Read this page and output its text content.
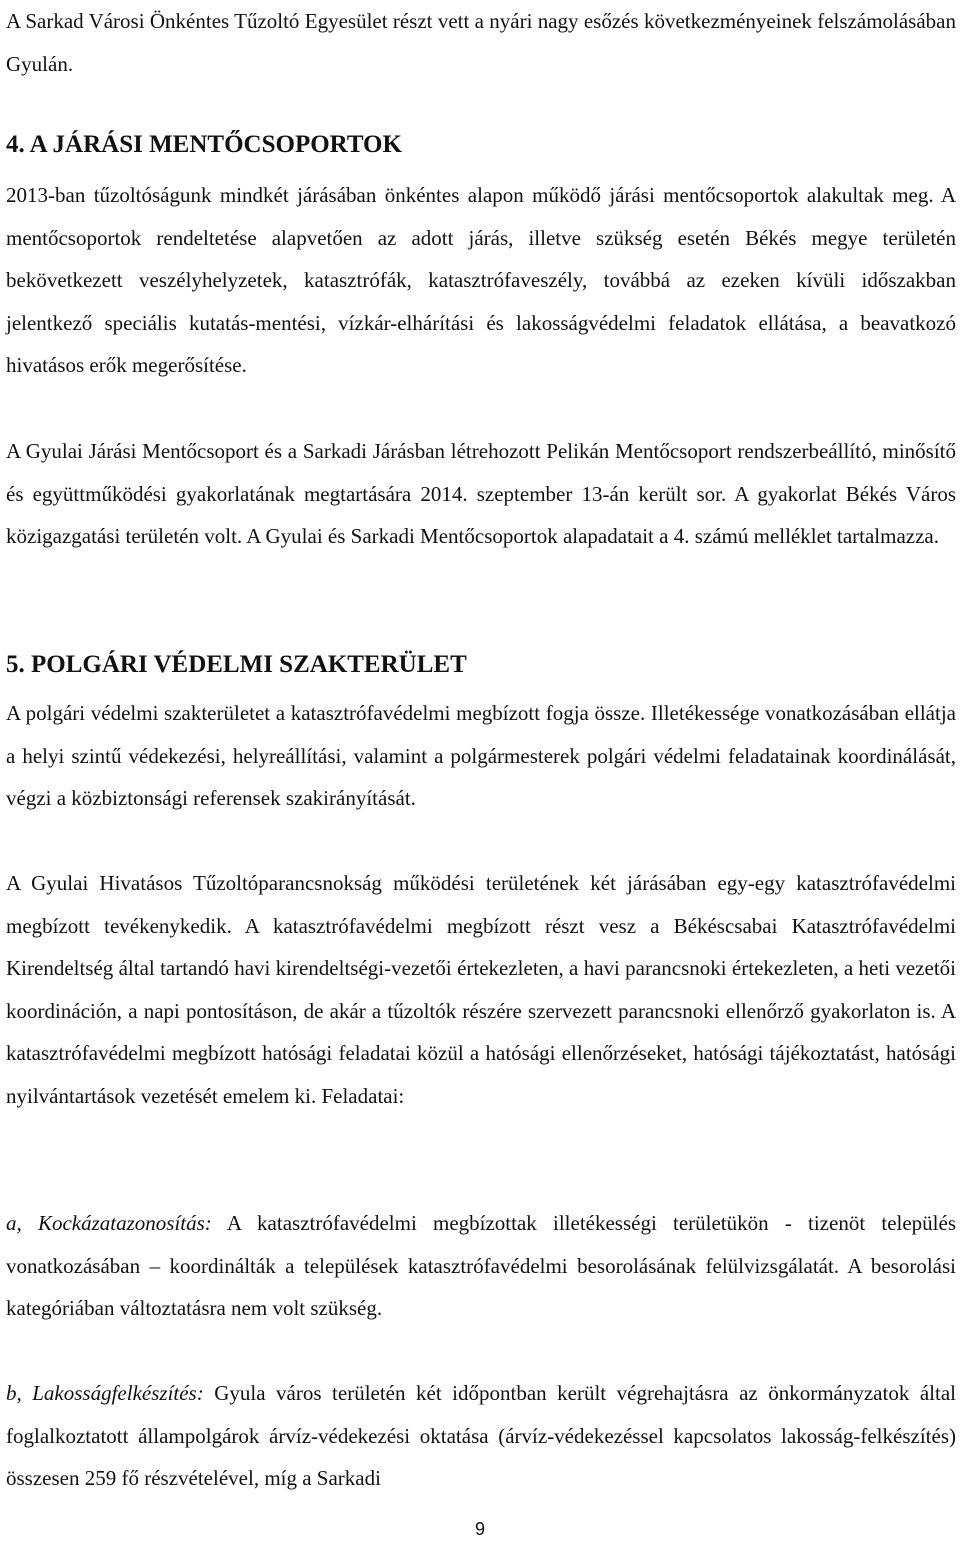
A Sarkad Városi Önkéntes Tűzoltó Egyesület részt vett a nyári nagy esőzés következményeinek felszámolásában Gyulán.

4. A JÁRÁSI MENTŐCSOPORTOK

2013-ban tűzoltóságunk mindkét járásában önkéntes alapon működő járási mentőcsoportok alakultak meg. A mentőcsoportok rendeltetése alapvetően az adott járás, illetve szükség esetén Békés megye területén bekövetkezett veszélyhelyzetek, katasztrófák, katasztrófaveszély, továbbá az ezeken kívüli időszakban jelentkező speciális kutatás-mentési, vízkár-elhárítási és lakosságvédelmi feladatok ellátása, a beavatkozó hivatásos erők megerősítése.

A Gyulai Járási Mentőcsoport és a Sarkadi Járásban létrehozott Pelikán Mentőcsoport rendszerbeállító, minősítő és együttműködési gyakorlatának megtartására 2014. szeptember 13-án került sor. A gyakorlat Békés Város közigazgatási területén volt. A Gyulai és Sarkadi Mentőcsoportok alapadatait a 4. számú melléklet tartalmazza.

5. POLGÁRI VÉDELMI SZAKTERÜLET

A polgári védelmi szakterületet a katasztrófavédelmi megbízott fogja össze. Illetékessége vonatkozásában ellátja a helyi szintű védekezési, helyreállítási, valamint a polgármesterek polgári védelmi feladatainak koordinálását, végzi a közbiztonsági referensek szakirányítását.

A Gyulai Hivatásos Tűzoltóparancsnokság működési területének két járásában egy-egy katasztrófavédelmi megbízott tevékenykedik. A katasztrófavédelmi megbízott részt vesz a Békéscsabai Katasztrófavédelmi Kirendeltség által tartandó havi kirendeltségi-vezetői értekezleten, a havi parancsnoki értekezleten, a heti vezetői koordináción, a napi pontosításon, de akár a tűzoltók részére szervezett parancsnoki ellenőrző gyakorlaton is. A katasztrófavédelmi megbízott hatósági feladatai közül a hatósági ellenőrzéseket, hatósági tájékoztatást, hatósági nyilvántartások vezetését emelem ki. Feladatai:

a, Kockázatazonosítás: A katasztrófavédelmi megbízottak illetékességi területükön - tizenöt település vonatkozásában – koordinálták a települések katasztrófavédelmi besorolásának felülvizsgálatát. A besorolási kategóriában változtatásra nem volt szükség.

b, Lakosságfelkészítés: Gyula város területén két időpontban került végrehajtásra az önkormányzatok által foglalkoztatott állampolgárok árvíz-védekezési oktatása (árvíz-védekezéssel kapcsolatos lakosság-felkészítés) összesen 259 fő részvételével, míg a Sarkadi

9
